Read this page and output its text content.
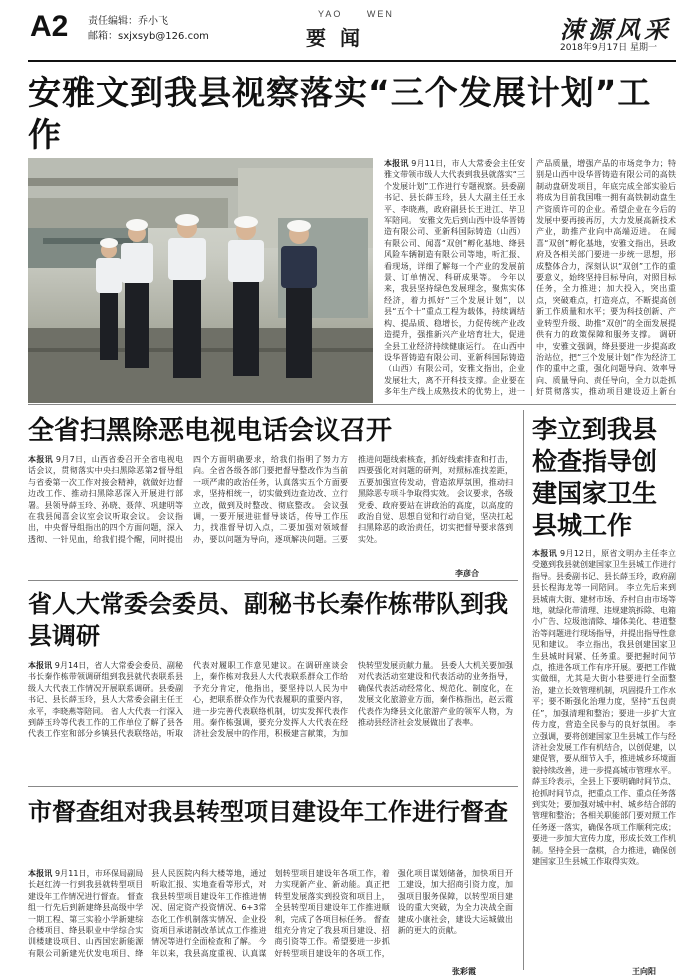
A2 责任编辑：乔小飞
邮箱：sxjxsyb@126.com
YAO	WEN
要闻	涑源风采
2018年9月17日 星期一
安雅文到我县视察落实“三个发展计划”工作
本报讯 9月11日，市人大常委会主任安雅文带领市级人大代表到我县就落实“三个发展计划”工作进行专题视察。县委副书记、县长薛玉玲，县人大副主任王永平、李晓燕，政府副县长王进江、毕卫军陪同。 安雅文先后到山西中设华晋铸造有限公司、亚新科国际铸造（山西）有限公司、闻喜“双创”孵化基地、绛县风险车辆制造有限公司等地，听汇报、看现场，详细了解每一个产业的发展前景、订单情况、科研成果等。 今年以来，我县坚持绿色发展理念，聚焦实体经济，着力抓好“三个发展计划”，以县“五个十”重点工程为载体，持续调结构、提品质、稳增长，力促传统产业改造提升，强推新兴产业培育壮大，促进全县工业经济持续健康运行。 在山西中设华晋铸造有限公司、亚新科国际铸造（山西）有限公司，安雅文指出，企业发展壮大，离不开科技支撑。企业要在多年生产线上成熟技术的优势上，进一
产品质量，增强产品的市场竞争力；特别是山西中设华晋铸造有限公司的高铁制动盘研发项目，年底完成全部实验后将成为目前我国唯一拥有高铁制动盘生产资质许可的企业。希望企业在今后的发展中要再接再厉，大力发展高新技术产业，助推产业向中高端迈进。 在闻喜“双创”孵化基地，安雅文指出，县政府及各相关部门要进一步统一思想，形成整体合力，深刻认识“双创”工作的重要意义，始终坚持目标导向，对照目标任务，全力推进；加大投入，突出重点，突破难点，打造亮点，不断提高创新工作质量和水平；要为科技创新、产业转型升级、助推“双创”的全面发展提供有力的政策保障和服务支撑。 调研中，安雅文强调，绛县要进一步提高政治站位，把“三个发展计划”作为经济工作的重中之重，强化问题导向、效率导向、质量导向、责任导向，全力以赴抓好贯彻落实，推动项目建设迈上新台
全省扫黑除恶电视电话会议召开
本报讯 9月7日，山西省委召开全省电视电话会议，贯彻落实中央扫黑除恶第2督导组与省委第一次工作对接会精神，就做好边督边改工作、推动扫黑除恶深入开展进行部署。县领导薛玉玲、孙晓、聂萍、巩建明等在我县闻喜会议室会议听取会议。 会议指出，中央督导组指出的四个方面问题，深入透彻、一针见血，给我们提个醒，同时提出四个方面明确要求，给我们指明了努力方向。全省各级各部门要把督导整改作为当前一项严肃的政治任务，认真落实五个方面要求，坚持相统一，切实做到边查边改、立行立改，做到及时整改、彻底整改。 会议强调，一要开展进驻督导谈话，传导工作压力，找准督导切入点，二要加强对领域督办，要以问题为导向，逐项解决问题。三要推进问题线索核查，抓好线索排查和打击，四要强化对问题的研判，对照标准找差距，五要加强宣传发动，营造浓厚氛围，推动扫黑除恶专项斗争取得实效。 会议要求，各级党委、政府要站在讲政治的高度，以高度的政治自觉、思想自觉和行动自觉，坚决扛起扫黑除恶的政治责任，切实把督导要求落到实处。
李彦合
省人大常委会委员、副秘书长秦作栋带队到我县调研
本报讯 9月14日，省人大常委会委员、副秘书长秦作栋带领调研组到我县就代表联系县级人大代表工作情况开展联系调研。县委副书记、县长薛玉玲，县人大常委会副主任王永平，李晓燕等陪同。 省人大代表一行深入到薛玉玲等代表工作的工作单位了解了县各代表工作室和部分乡镇县代表联络站，听取代表对履职工作意见建议。在调研座谈会上，秦作栋对我县人大代表联系群众工作给予充分肯定，他指出，要坚持以人民为中心，把联系群众作为代表履职的重要内容，进一步完善代表联络机制，切实发挥代表作用。秦作栋强调，要充分发挥人大代表在经济社会发展中的作用，积极建言献策，为加快转型发展贡献力量。 县委人大机关要加强对代表活动室建设和代表活动的业务指导，确保代表活动经常化、规范化、制度化，在发展文化旅游业方面，秦作栋指出，赵云霞代表作为绛县文化旅游产业的领军人物，为推动县经济社会发展做出了表率。
市督查组对我县转型项目建设年工作进行督查
本报讯 9月11日，市环保局副局长赵红涛一行到我县就转型项目建设年工作情况进行督查。 督查组一行先后到新建绛县高级中学一期工程、第三实验小学新建综合楼项目、绛县职业中学综合实训楼建设项目、山西国宏新能源有限公司新建光伏发电项目、绛县人民医院内科大楼等地，通过听取汇报、实地查看等形式，对我县转型项目建设年工作推进情况、固定资产投资情况、6+3常态化工作机制落实情况、企业投资项目承诺制改革试点工作推进情况等进行全面检查和了解。 今年以来，我县高度重视、认真谋划转型项目建设年各项工作，着力实现新产业、新动能。真正把转型发展落实到投资和项目上，全县转型项目建设年工作推进顺利，完成了各项目标任务。 督查组充分肯定了我县项目建设、招商引资等工作。希望要进一步抓好转型项目建设年的各项工作，强化项目谋划储备，加快项目开工建设，加大招商引资力度，加强项目服务保障，以转型项目建设的重大突破，为全力决战全面建成小康社会，建设大运城做出新的更大的贡献。
张彩霞
李立到我县检查指导创建国家卫生县城工作
本报讯 9月12日，原省文明办主任李立受邀到我县就创建国家卫生县城工作进行指导。县委副书记、县长薛玉玲，政府副县长程海龙等一同陪同。 李立先后来到县城南大街、建材市场、乔村自由市场等地，就绿化带清理、违规建筑拆除、电箱小广告、垃圾池清除、墙体美化、巷道整治等问题进行现场指导，并提出指导性意见和建议。 李立指出，我县创建国家卫生县城时间紧、任务重。要把握时间节点，推进各项工作有序开展。要把工作做实做细，尤其是大街小巷要进行全面整治，建立长效管理机制，巩固提升工作水平；要不断强化治理力度，坚持“五包责任”，加强清理和整治；要进一步扩大宣传力度，营造全民参与的良好氛围。 李立强调，要将创建国家卫生县城工作与经济社会发展工作有机结合，以创促建，以建促管，要从细节入手，推进城乡环境面貌持续改善，进一步提高城市管理水平。 薛玉玲表示，全县上下要明确时间节点、抢抓时间节点，把重点工作、重点任务落到实处；要加强对城中村、城乡结合部的管理和整治；各相关职能部门要对照工作任务逐一落实，确保各项工作顺利完成；要进一步加大宣传力度，形成长效工作机制。坚持全县一盘棋，合力推进，确保创建国家卫生县城工作取得实效。
王向阳
